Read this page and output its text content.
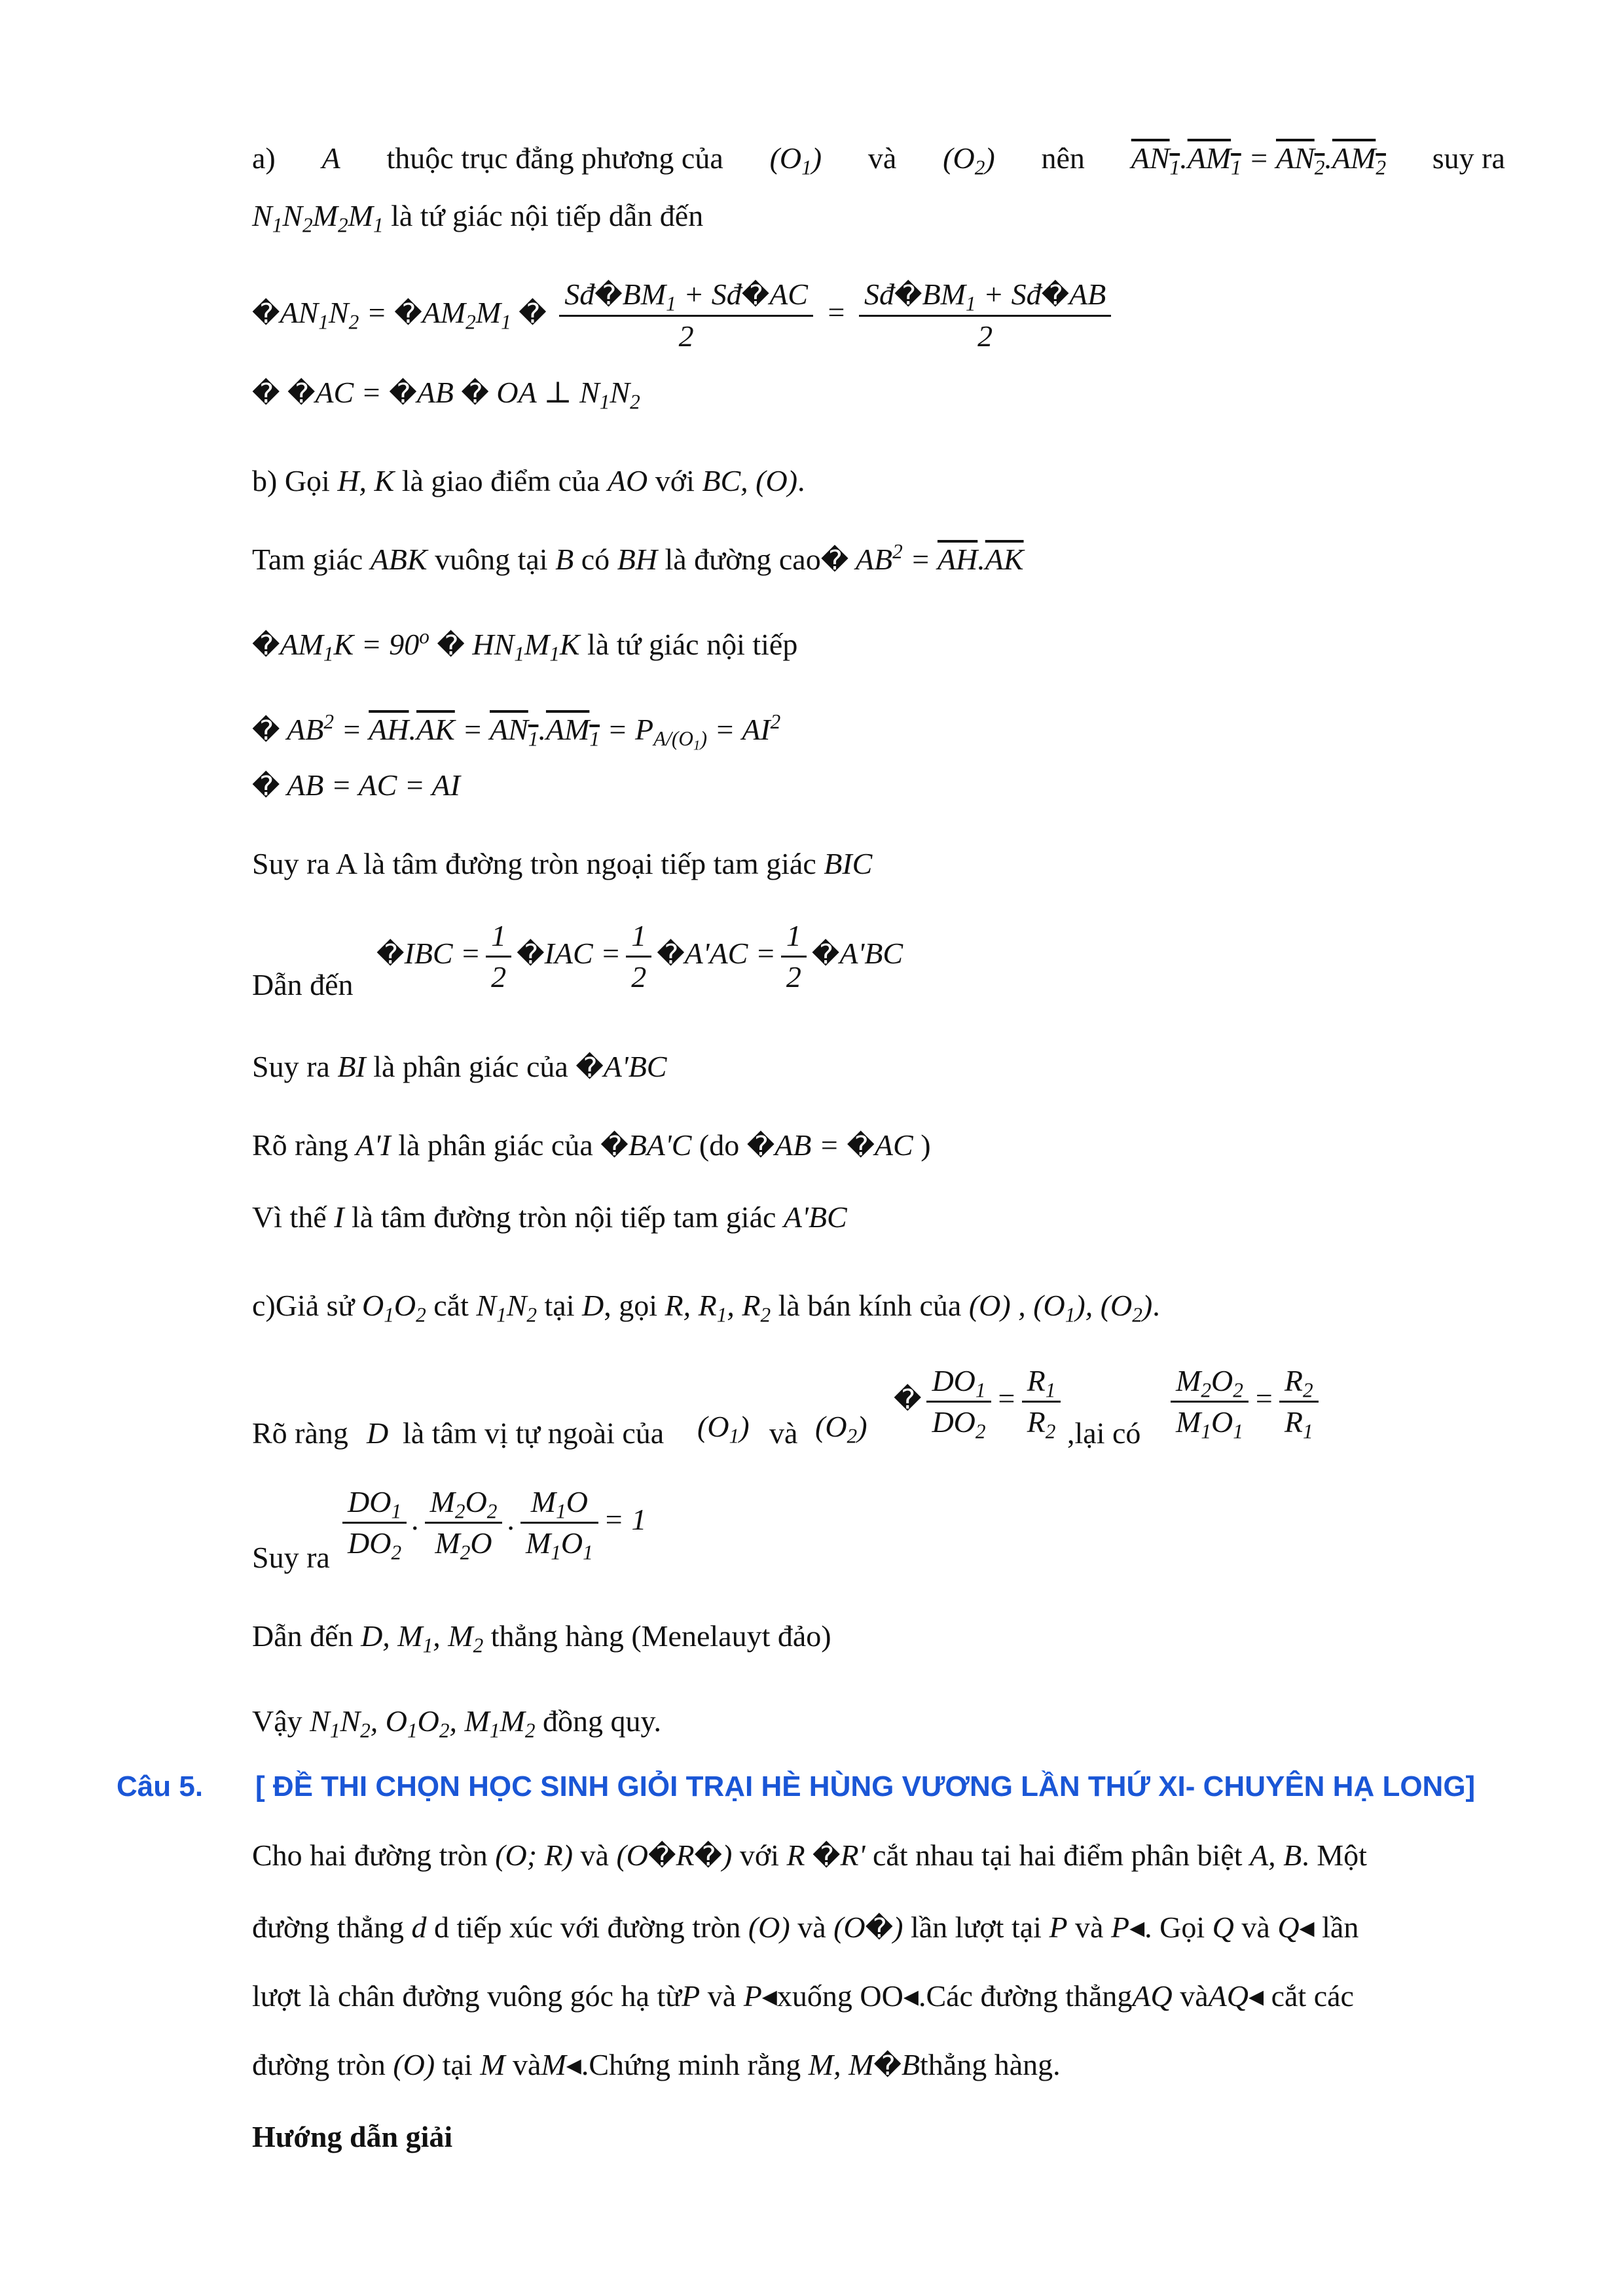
a) A thuộc trục đẳng phương của $(O_1)$ và $(O_2)$ nên $AN_1.AM_1 = AN_2.AM_2$ suy ra
$N_1N_2M_2M_1$ là tứ giác nội tiếp dẫn đến
$�AN_1N_2$ = $�AM_2M_1$ � $\frac{Sđ�BM_1 + Sđ�AC}{2} = \frac{Sđ�BM_1 + Sđ�AB}{2}$
� �AC = �AB � OA ⊥ $N_1N_2$
b) Gọi H, K là giao điểm của AO với BC, (O).
Tam giác ABK vuông tại B có BH là đường cao� $AB^2 = \overline{AH}.\overline{AK}$
$�AM_1K = 90^o$ � $HN_1M_1K$ là tứ giác nội tiếp
� $AB^2 = \overline{AH}.\overline{AK} = AN_1.AM_1 = P_{A/(O_1)} = AI^2$
� AB = AC = AI
Suy ra A là tâm đường tròn ngoại tiếp tam giác BIC
Dẫn đến
�IBC = $\frac{1}{2}$ �IAC = $\frac{1}{2}$ �A'AC = $\frac{1}{2}$ �A'BC
Suy ra BI là phân giác của �A'BC
Rõ ràng A'I là phân giác của �BA'C (do �AB = �AC )
Vì thế I là tâm đường tròn nội tiếp tam giác A'BC
c)Giả sử $O_1O_2$ cắt $N_1N_2$ tại D, gọi R, $R_1$, $R_2$ là bán kính của (O) , $(O_1)$, $(O_2)$.
Rõ ràng D là tâm vị tự ngoài của $(O_1)$ và $(O_2)$
� $\frac{DO_1}{DO_2} = \frac{R_1}{R_2}$ ,lại có $\frac{M_2O_2}{M_1O_1} = \frac{R_2}{R_1}$
Suy ra $\frac{DO_1}{DO_2}$ . $\frac{M_2O_2}{M_2O}$ . $\frac{M_1O}{M_1O_1} = 1$
Dẫn đến D, $M_1$, $M_2$ thẳng hàng (Menelauyt đảo)
Vậy $N_1N_2$, $O_1O_2$, $M_1M_2$ đồng quy.
Câu 5. [ ĐỀ THI CHỌN HỌC SINH GIỎI TRẠI HÈ HÙNG VƯƠNG LẦN THỨ XI- CHUYÊN HẠ LONG]
Cho hai đường tròn (O; R) và (O�R�) với R �R' cắt nhau tại hai điểm phân biệt A, B. Một
đường thẳng d d tiếp xúc với đường tròn (O) và (O�) lần lượt tại P và P◂. Gọi Q và Q◂ lần
lượt là chân đường vuông góc hạ từP và P◂xuống OO◂.Các đường thẳngAQ vàAQ◂ cắt các
đường tròn (O) tại M vàM◂.Chứng minh rằng M, M�Bthẳng hàng.
Hướng dẫn giải
